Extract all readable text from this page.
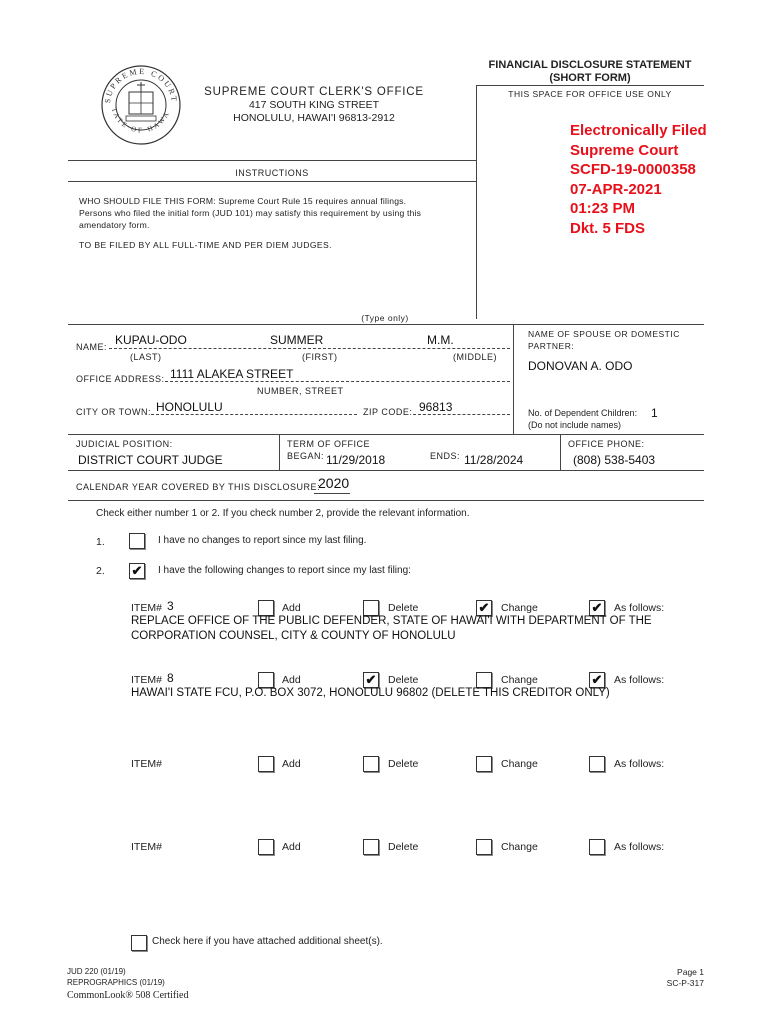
SUPREME COURT
TATE OF HAWA
SUPREME COURT CLERK'S OFFICE
417 SOUTH KING STREET
HONOLULU, HAWAI'I 96813-2912
FINANCIAL DISCLOSURE STATEMENT
(SHORT FORM)
THIS SPACE FOR OFFICE USE ONLY
Electronically Filed
Supreme Court
SCFD-19-0000358
07-APR-2021
01:23 PM
Dkt. 5 FDS
INSTRUCTIONS
WHO SHOULD FILE THIS FORM: Supreme Court Rule 15 requires annual filings.
Persons who filed the initial form (JUD 101) may satisfy this requirement by using this
amendatory form.
TO BE FILED BY ALL FULL-TIME AND PER DIEM JUDGES.
(Type only)
NAME: KUPAU-ODO	SUMMER	M.M.
(LAST)	(FIRST)	(MIDDLE)
NAME OF SPOUSE OR DOMESTIC
PARTNER:
DONOVAN A. ODO
No. of Dependent Children: 1
(Do not include names)
OFFICE ADDRESS: 1111 ALAKEA STREET
NUMBER, STREET
CITY OR TOWN: HONOLULU	ZIP CODE: 96813
JUDICIAL POSITION:
DISTRICT COURT JUDGE
TERM OF OFFICE
BEGAN: 11/29/2018	ENDS: 11/28/2024
OFFICE PHONE:
(808) 538-5403
CALENDAR YEAR COVERED BY THIS DISCLOSURE:
2020
Check either number 1 or 2. If you check number 2, provide the relevant information.
1.	I have no changes to report since my last filing.
2. ✔ I have the following changes to report since my last filing:
ITEM# 3	Add	Delete	✔ Change	✔ As follows:
REPLACE OFFICE OF THE PUBLIC DEFENDER, STATE OF HAWAI'I WITH DEPARTMENT OF THE
CORPORATION COUNSEL, CITY & COUNTY OF HONOLULU
ITEM# 8	Add	✔ Delete	Change	✔ As follows:
HAWAI'I STATE FCU, P.O. BOX 3072, HONOLULU 96802 (DELETE THIS CREDITOR ONLY)
ITEM#	Add	Delete	Change	As follows:
ITEM#	Add	Delete	Change	As follows:
Check here if you have attached additional sheet(s).
JUD 220 (01/19)
REPROGRAPHICS (01/19)
CommonLook® 508 Certified
Page 1
SC-P-317
